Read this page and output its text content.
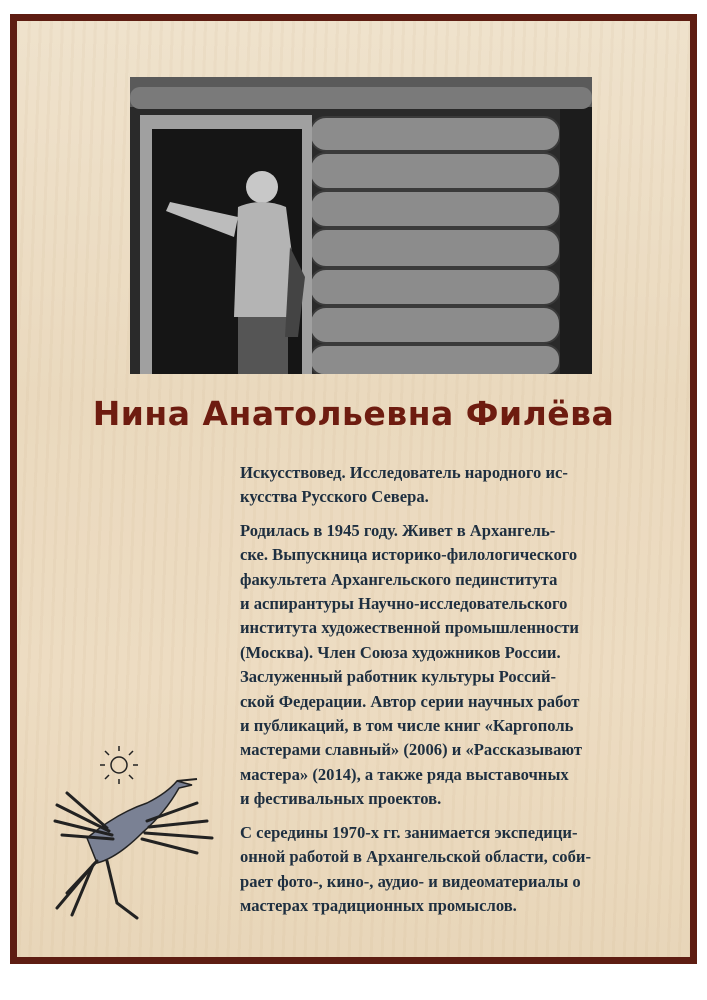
Нина Анатольевна Филёва

Искусствовед. Исследователь народного ис-
кусства Русского Севера.

Родилась в 1945 году. Живет в Архангель-
ске. Выпускница историко-филологического
факультета Архангельского пединститута
и аспирантуры Научно-исследовательского
института художественной промышленности
(Москва). Член Союза художников России.
Заслуженный работник культуры Россий-
ской Федерации. Автор серии научных работ
и публикаций, в том числе книг «Каргополь
мастерами славный» (2006) и «Рассказывают
мастера» (2014), а также ряда выставочных
и фестивальных проектов.

С середины 1970-х гг. занимается экспедици-
онной работой в Архангельской области, соби-
рает фото-, кино-, аудио- и видеоматериалы о
мастерах традиционных промыслов.
